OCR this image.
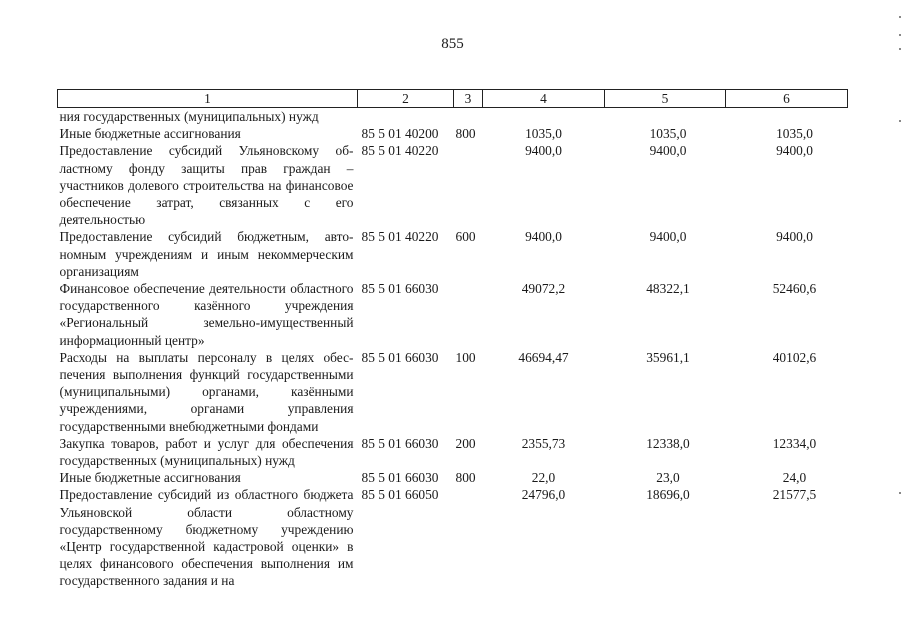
855
1	2	3	4	5	6
ния государственных (муниципальных) нужд					
Иные бюджетные ассигнования	85 5 01 40200	800	1035,0	1035,0	1035,0
Предоставление субсидий Ульяновскому областному фонду защиты прав граждан – участников долевого строительства на финансовое обеспечение затрат, связанных с его деятельностью	85 5 01 40220		9400,0	9400,0	9400,0
Предоставление субсидий бюджетным, автономным учреждениям и иным некоммерческим организациям	85 5 01 40220	600	9400,0	9400,0	9400,0
Финансовое обеспечение деятельности областного государственного казённого учреждения «Региональный земельно-имущественный информационный центр»	85 5 01 66030		49072,2	48322,1	52460,6
Расходы на выплаты персоналу в целях обеспечения выполнения функций государственными (муниципальными) органами, казёнными учреждениями, органами управления государственными внебюджетными фондами	85 5 01 66030	100	46694,47	35961,1	40102,6
Закупка товаров, работ и услуг для обеспечения государственных (муниципальных) нужд	85 5 01 66030	200	2355,73	12338,0	12334,0
Иные бюджетные ассигнования	85 5 01 66030	800	22,0	23,0	24,0
Предоставление субсидий из областного бюджета Ульяновской области областному государственному бюджетному учреждению «Центр государственной кадастровой оценки» в целях финансового обеспечения выполнения им государственного задания и на	85 5 01 66050		24796,0	18696,0	21577,5
